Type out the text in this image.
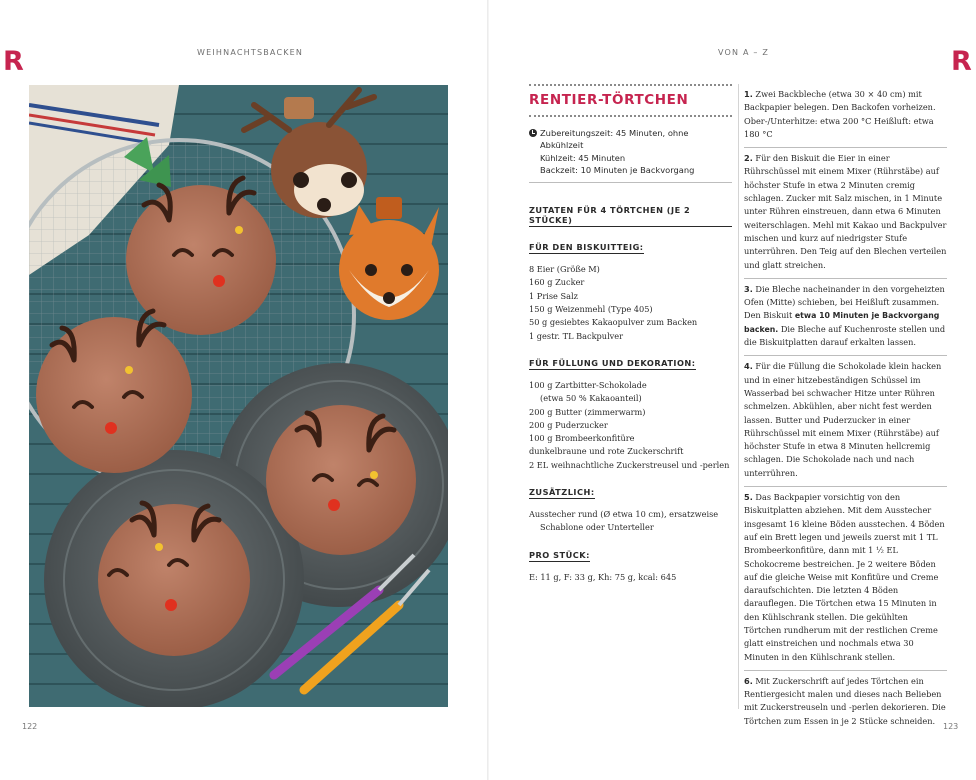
R	R
WEIHNACHTSBACKEN	VON A – Z
RENTIER-TÖRTCHEN
Zubereitungszeit: 45 Minuten, ohne Abkühlzeit
Kühlzeit: 45 Minuten
Backzeit: 10 Minuten je Backvorgang
ZUTATEN FÜR 4 TÖRTCHEN (JE 2 STÜCKE)
FÜR DEN BISKUITTEIG:
8 Eier (Größe M)
160 g Zucker
1 Prise Salz
150 g Weizenmehl (Type 405)
50 g gesiebtes Kakaopulver zum Backen
1 gestr. TL Backpulver
FÜR FÜLLUNG UND DEKORATION:
100 g Zartbitter-Schokolade
(etwa 50 % Kakaoanteil)
200 g Butter (zimmerwarm)
200 g Puderzucker
100 g Brombeerkonfitüre
dunkelbraune und rote Zuckerschrift
2 EL weihnachtliche Zuckerstreusel und -perlen
ZUSÄTZLICH:
Ausstecher rund (Ø etwa 10 cm), ersatzweise
Schablone oder Unterteller
PRO STÜCK:
E: 11 g, F: 33 g, Kh: 75 g, kcal: 645
1. Zwei Backbleche (etwa 30 × 40 cm) mit Backpapier belegen. Den Backofen vorheizen. Ober-/Unterhitze: etwa 200 °C Heißluft: etwa 180 °C
2. Für den Biskuit die Eier in einer Rührschüssel mit einem Mixer (Rührstäbe) auf höchster Stufe in etwa 2 Minuten cremig schlagen. Zucker mit Salz mischen, in 1 Minute unter Rühren einstreuen, dann etwa 6 Minuten weiterschlagen. Mehl mit Kakao und Backpulver mischen und kurz auf niedrigster Stufe unterrühren. Den Teig auf den Blechen verteilen und glatt streichen.
3. Die Bleche nacheinander in den vorgeheizten Ofen (Mitte) schieben, bei Heißluft zusammen. Den Biskuit etwa 10 Minuten je Backvorgang backen. Die Bleche auf Kuchenroste stellen und die Biskuitplatten darauf erkalten lassen.
4. Für die Füllung die Schokolade klein hacken und in einer hitzebeständigen Schüssel im Wasserbad bei schwacher Hitze unter Rühren schmelzen. Abkühlen, aber nicht fest werden lassen. Butter und Puderzucker in einer Rührschüssel mit einem Mixer (Rührstäbe) auf höchster Stufe in etwa 8 Minuten hellcremig schlagen. Die Schokolade nach und nach unterrühren.
5. Das Backpapier vorsichtig von den Biskuitplatten abziehen. Mit dem Ausstecher insgesamt 16 kleine Böden ausstechen. 4 Böden auf ein Brett legen und jeweils zuerst mit 1 TL Brombeerkonfitüre, dann mit 1 ½ EL Schokocreme bestreichen. Je 2 weitere Böden auf die gleiche Weise mit Konfitüre und Creme daraufschichten. Die letzten 4 Böden darauflegen. Die Törtchen etwa 15 Minuten in den Kühlschrank stellen. Die gekühlten Törtchen rundherum mit der restlichen Creme glatt einstreichen und nochmals etwa 30 Minuten in den Kühlschrank stellen.
6. Mit Zuckerschrift auf jedes Törtchen ein Rentiergesicht malen und dieses nach Belieben mit Zuckerstreuseln und -perlen dekorieren. Die Törtchen zum Essen in je 2 Stücke schneiden.
122	123
